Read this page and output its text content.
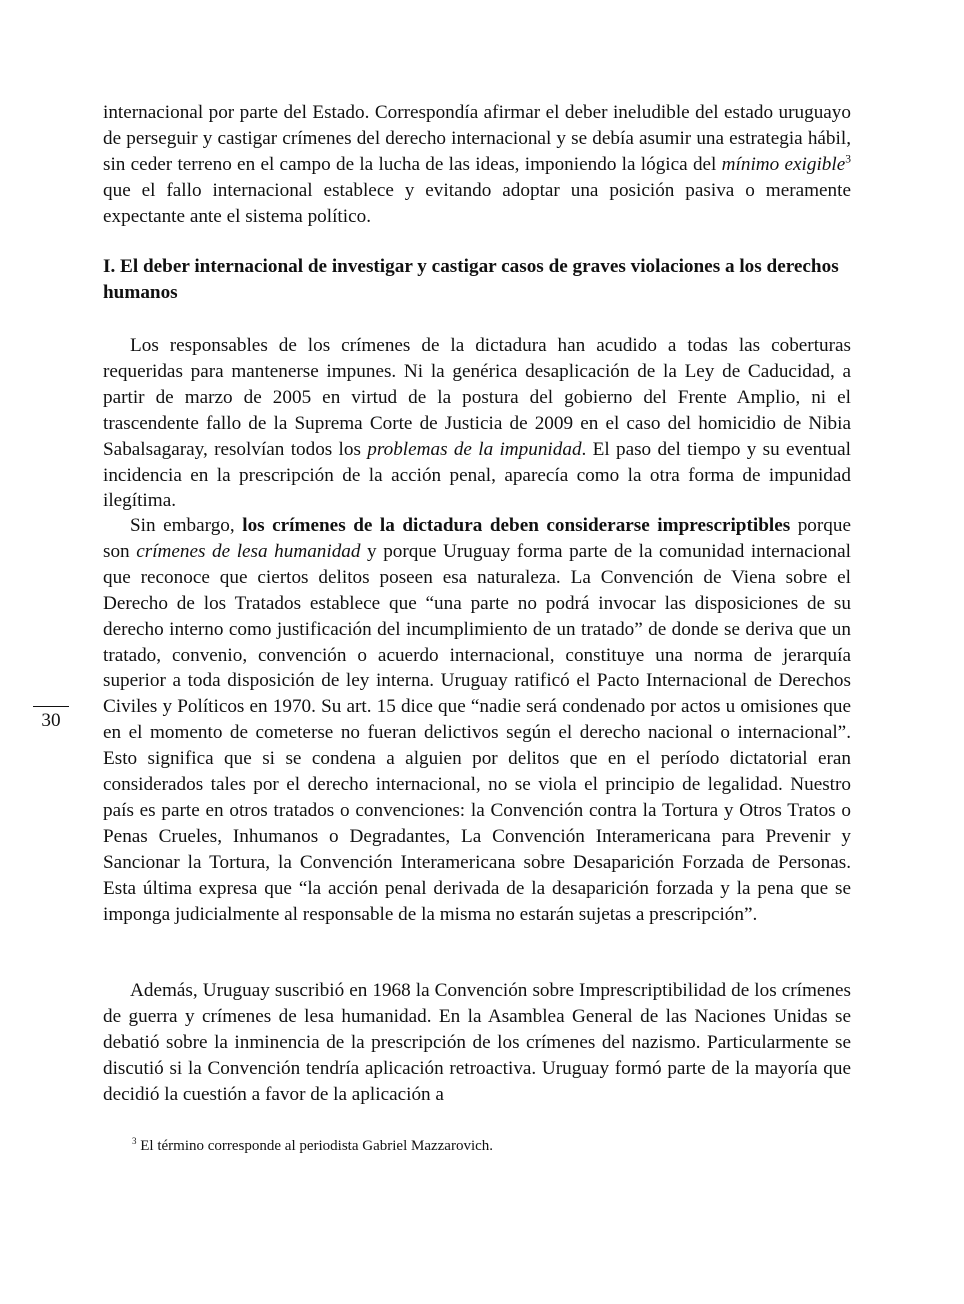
internacional por parte del Estado. Correspondía afirmar el deber ineludible del estado uruguayo de perseguir y castigar crímenes del derecho internacional y se debía asumir una estrategia hábil, sin ceder terreno en el campo de la lucha de las ideas, imponiendo la lógica del mínimo exigible$^3$ que el fallo internacional establece y evitando adoptar una posición pasiva o meramente expectante ante el sistema político.

I. El deber internacional de investigar y castigar casos de graves violaciones a los derechos humanos

Los responsables de los crímenes de la dictadura han acudido a todas las coberturas requeridas para mantenerse impunes. Ni la genérica desaplicación de la Ley de Caducidad, a partir de marzo de 2005 en virtud de la postura del gobierno del Frente Amplio, ni el trascendente fallo de la Suprema Corte de Justicia de 2009 en el caso del homicidio de Nibia Sabalsagaray, resolvían todos los problemas de la impunidad. El paso del tiempo y su eventual incidencia en la prescripción de la acción penal, aparecía como la otra forma de impunidad ilegítima.

Sin embargo, los crímenes de la dictadura deben considerarse imprescriptibles porque son crímenes de lesa humanidad y porque Uruguay forma parte de la comunidad internacional que reconoce que ciertos delitos poseen esa naturaleza. La Convención de Viena sobre el Derecho de los Tratados establece que “una parte no podrá invocar las disposiciones de su derecho interno como justificación del incumplimiento de un tratado” de donde se deriva que un tratado, convenio, convención o acuerdo internacional, constituye una norma de jerarquía superior a toda disposición de ley interna. Uruguay ratificó el Pacto Internacional de Derechos Civiles y Políticos en 1970. Su art. 15 dice que “nadie será condenado por actos u omisiones que en el momento de cometerse no fueran delictivos según el derecho nacional o internacional”. Esto significa que si se condena a alguien por delitos que en el período dictatorial eran considerados tales por el derecho internacional, no se viola el principio de legalidad. Nuestro país es parte en otros tratados o convenciones: la Convención contra la Tortura y Otros Tratos o Penas Crueles, Inhumanos o Degradantes, La Convención Interamericana para Prevenir y Sancionar la Tortura, la Convención Interamericana sobre Desaparición Forzada de Personas. Esta última expresa que “la acción penal derivada de la desaparición forzada y la pena que se imponga judicialmente al responsable de la misma no estarán sujetas a prescripción”.

Además, Uruguay suscribió en 1968 la Convención sobre Imprescriptibilidad de los crímenes de guerra y crímenes de lesa humanidad. En la Asamblea General de las Naciones Unidas se debatió sobre la inminencia de la prescripción de los crímenes del nazismo. Particularmente se discutió si la Convención tendría aplicación retroactiva. Uruguay formó parte de la mayoría que decidió la cuestión a favor de la aplicación a

30
$^3$ El término corresponde al periodista Gabriel Mazzarovich.
